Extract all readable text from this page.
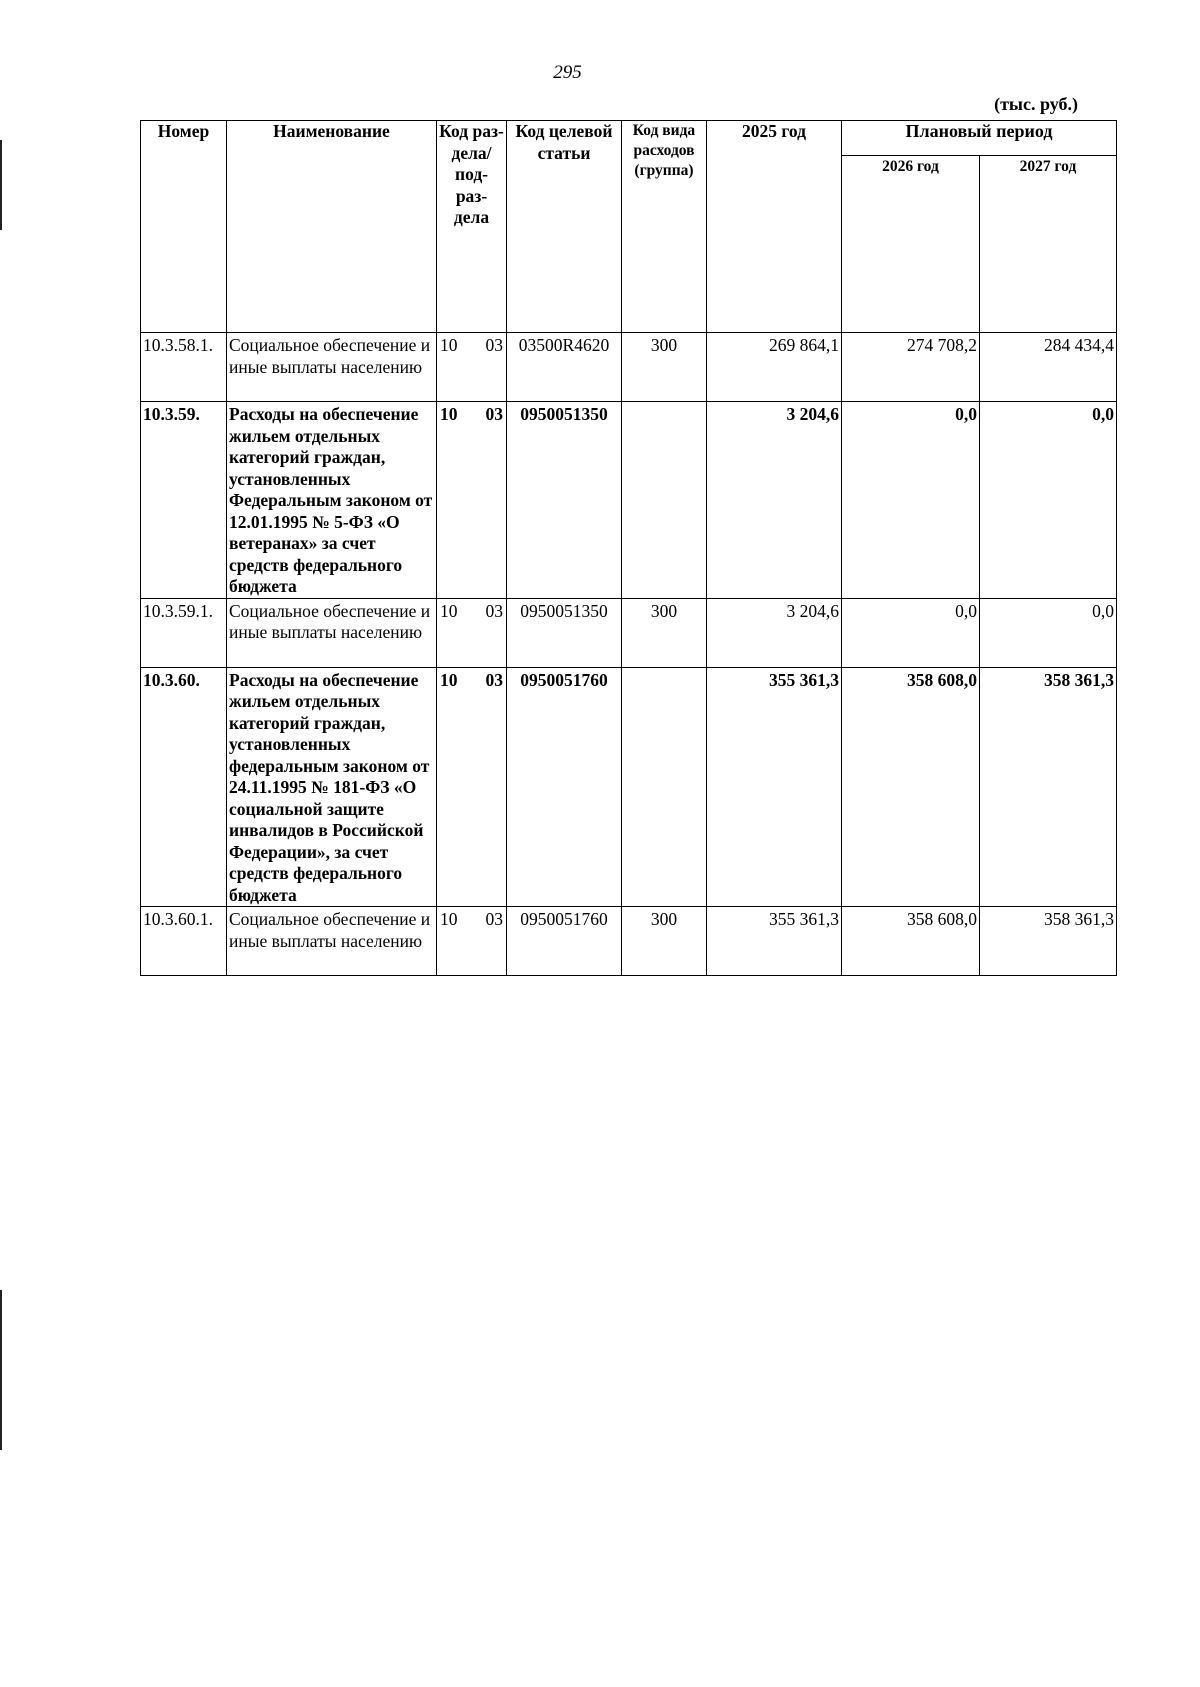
295
(тыс. руб.)
Номер	Наименование	Код раз- дела/ под- раз- дела	Код целевой статьи	Код вида расходов (группа)	2025 год	Плановый период	
						2026 год	2027 год
10.3.58.1.	Социальное обеспечение и иные выплаты населению	10 03	03500R4620	300	269 864,1	274 708,2	284 434,4
10.3.59.	Расходы на обеспечение жильем отдельных категорий граждан, установленных Федеральным законом от 12.01.1995 № 5-ФЗ «О ветеранах» за счет средств федерального бюджета	10 03	0950051350		3 204,6	0,0	0,0
10.3.59.1.	Социальное обеспечение и иные выплаты населению	10 03	0950051350	300	3 204,6	0,0	0,0
10.3.60.	Расходы на обеспечение жильем отдельных категорий граждан, установленных федеральным законом от 24.11.1995 № 181-ФЗ «О социальной защите инвалидов в Российской Федерации», за счет средств федерального бюджета	10 03	0950051760		355 361,3	358 608,0	358 361,3
10.3.60.1.	Социальное обеспечение и иные выплаты населению	10 03	0950051760	300	355 361,3	358 608,0	358 361,3
